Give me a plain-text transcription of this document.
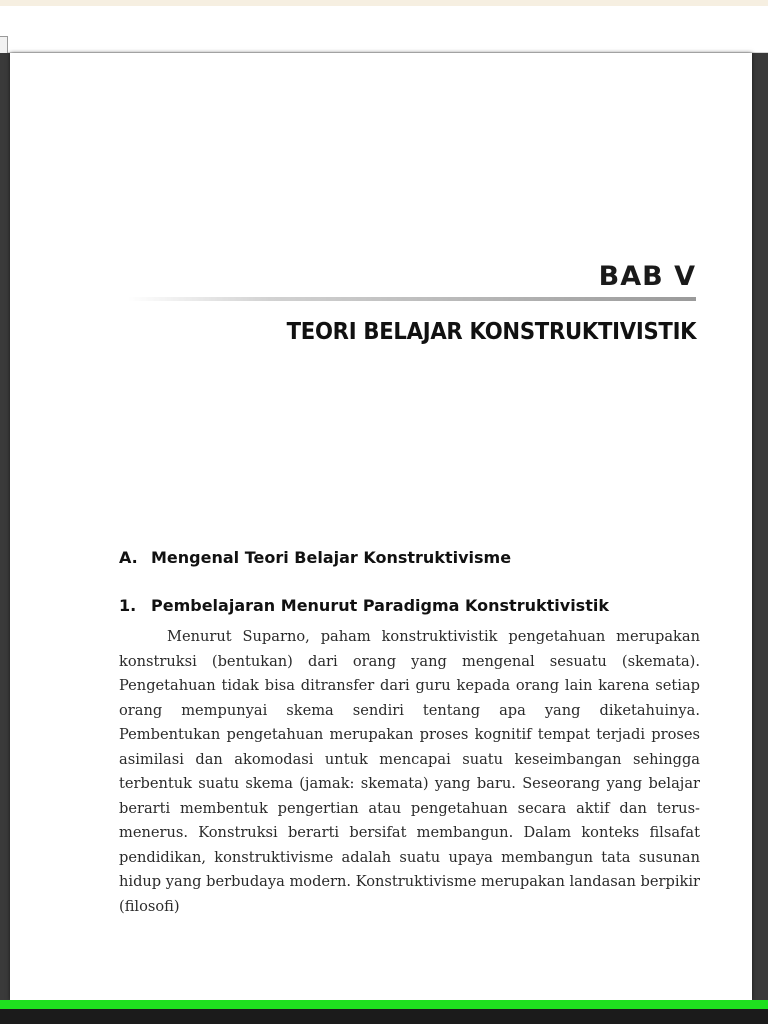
BAB V
TEORI BELAJAR KONSTRUKTIVISTIK
A. Mengenal Teori Belajar Konstruktivisme
1. Pembelajaran Menurut Paradigma Konstruktivistik

Menurut Suparno, paham konstruktivistik pengetahuan merupakan konstruksi (bentukan) dari orang yang mengenal sesuatu (skemata). Pengetahuan tidak bisa ditransfer dari guru kepada orang lain karena setiap orang mempunyai skema sendiri tentang apa yang diketahuinya. Pembentukan pengetahuan merupakan proses kognitif tempat terjadi proses asimilasi dan akomodasi untuk mencapai suatu keseimbangan sehingga terbentuk suatu skema (jamak: skemata) yang baru. Seseorang yang belajar berarti membentuk pengertian atau pengetahuan secara aktif dan terus-menerus. Konstruksi berarti bersifat membangun. Dalam konteks filsafat pendidikan, konstruktivisme adalah suatu upaya membangun tata susunan hidup yang berbudaya modern. Konstruktivisme merupakan landasan berpikir (filosofi)
